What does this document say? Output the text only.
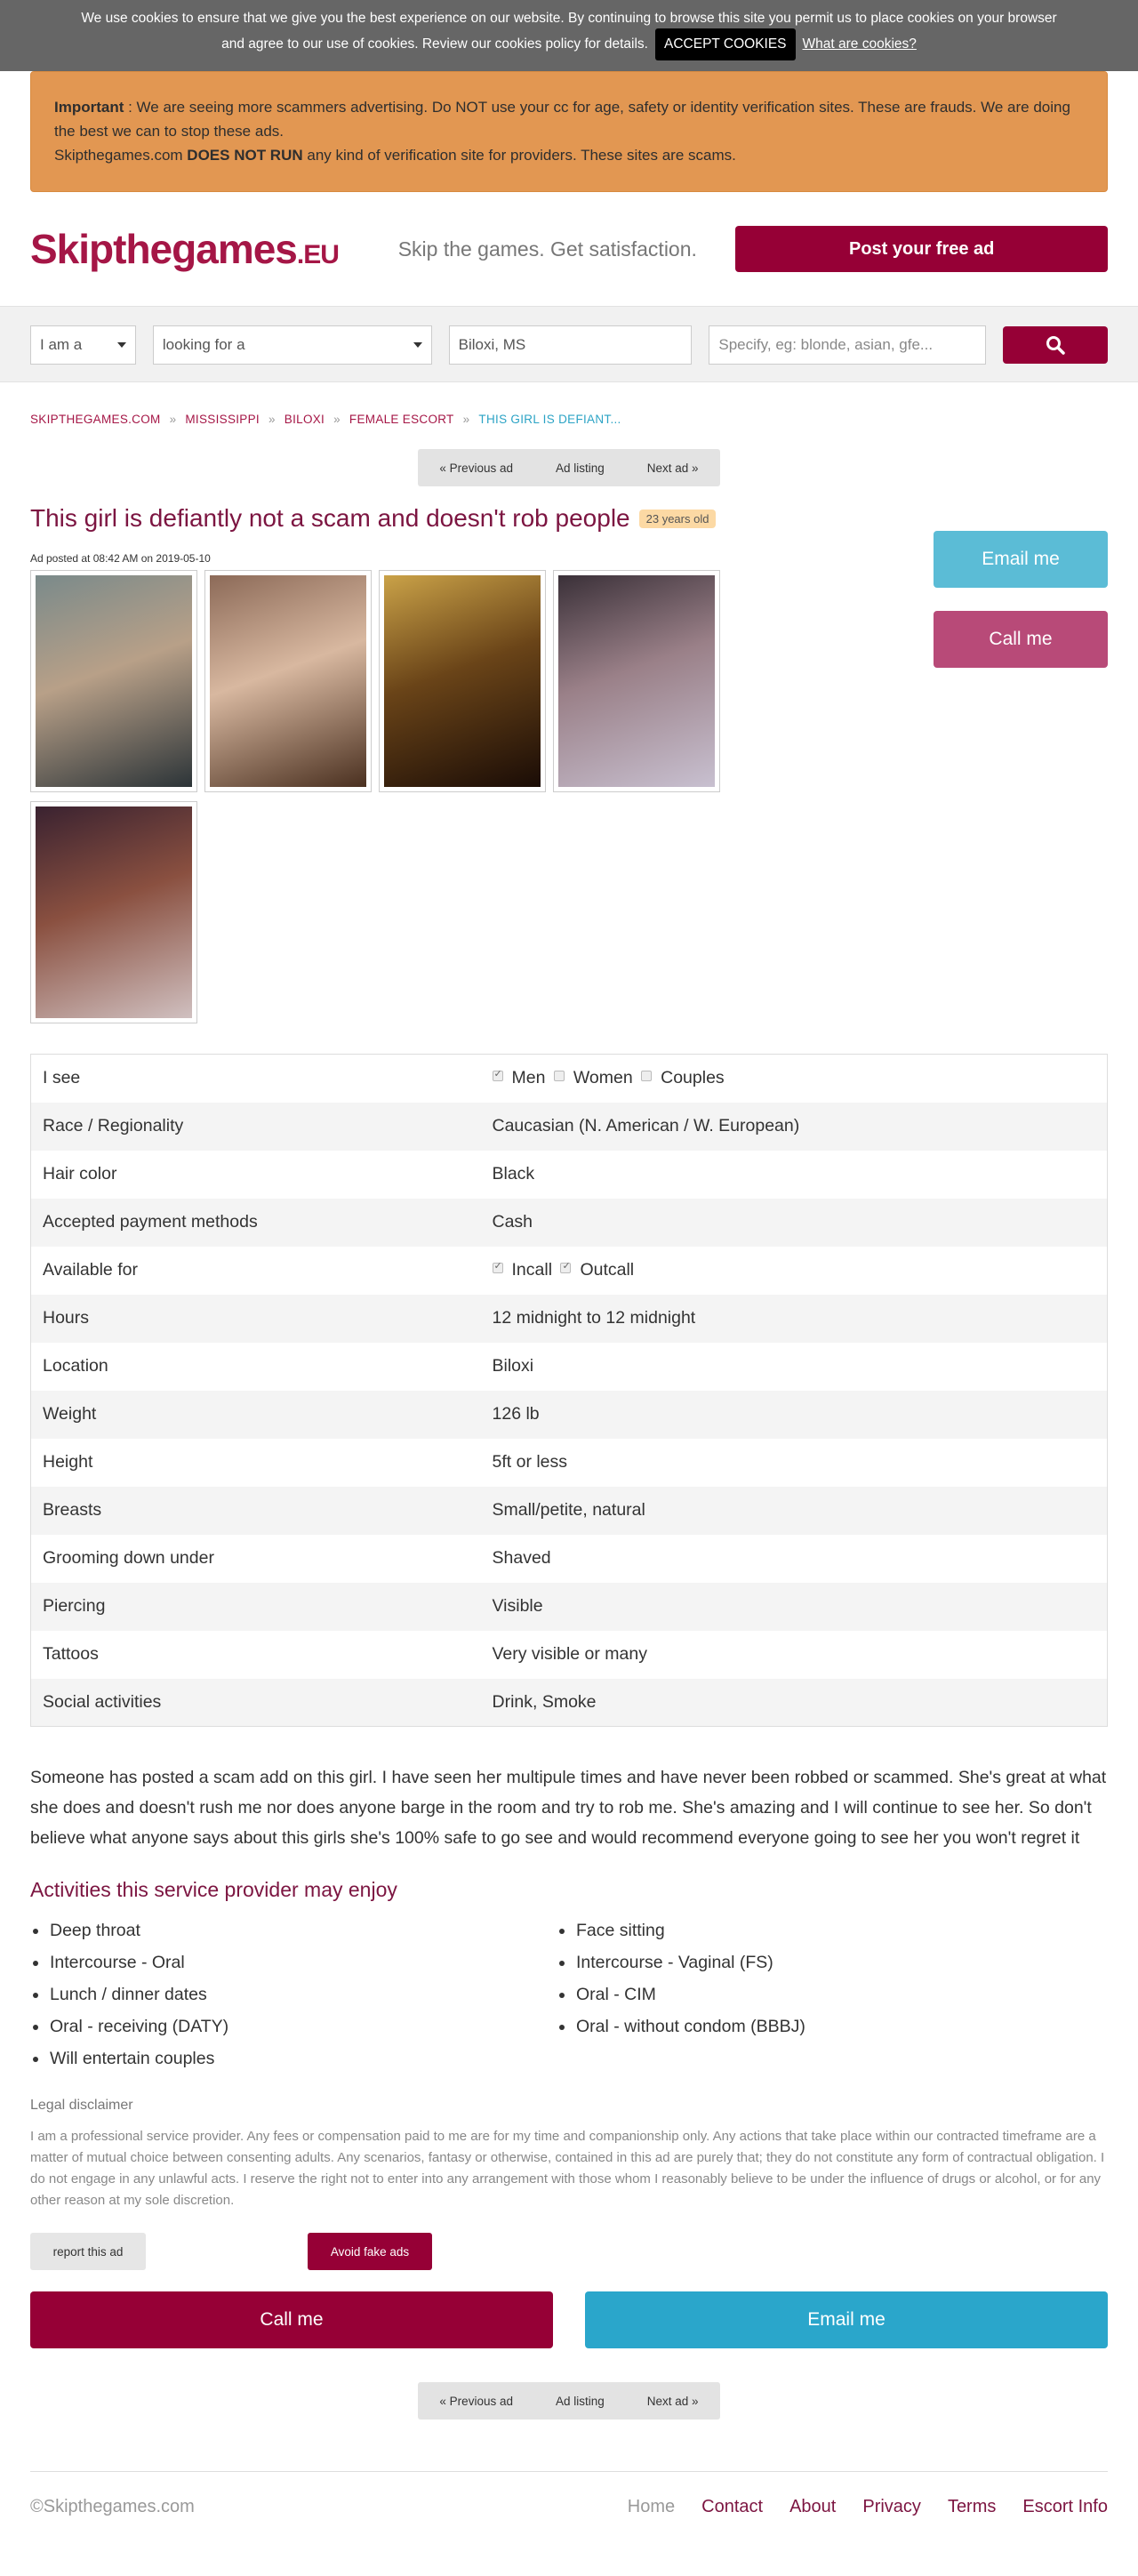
We use cookies to ensure that we give you the best experience on our website. By continuing to browse this site you permit us to place cookies on your browser
and agree to our use of cookies. Review our cookies policy for details.	ACCEPT COOKIES	What are cookies?
Important : We are seeing more scammers advertising. Do NOT use your cc for age, safety or identity verification sites. These are frauds. We are doing the best we can to stop these ads.
Skipthegames.com DOES NOT RUN any kind of verification site for providers. These sites are scams.
Skipthegames.EU	Skip the games. Get satisfaction.	Post your free ad
I am a	looking for a
Biloxi, MS
Specify, eg: blonde, asian, gfe...
SKIPTHEGAMES.COM » MISSISSIPPI » BILOXI » FEMALE ESCORT » THIS GIRL IS DEFIANT...
« Previous ad	Ad listing	Next ad »
This girl is defiantly not a scam and doesn't rob people	23 years old
Ad posted at 08:42 AM on 2019-05-10	Email me
Call me
I see	✓Men Women Couples
Race / Regionality	Caucasian (N. American / W. European)
Hair color	Black
Accepted payment methods	Cash
Available for	✓Incall ✓ Outcall
Hours	12 midnight to 12 midnight
Location	Biloxi
Weight	126 lb
Height	5ft or less
Breasts	Small/petite, natural
Grooming down under	Shaved
Piercing	Visible
Tattoos	Very visible or many
Social activities	Drink, Smoke

Someone has posted a scam add on this girl. I have seen her multipule times and have never been robbed or scammed. She's great at what she does and doesn't rush me nor does anyone barge in the room and try to rob me. She's amazing and I will continue to see her. So don't believe what anyone says about this girls she's 100% safe to go see and would recommend everyone going to see her you won't regret it

Activities this service provider may enjoy
Deep throat
Intercourse - Oral
Lunch / dinner dates
Oral - receiving (DATY)
Will entertain couples
Face sitting
Intercourse - Vaginal (FS)
Oral - CIM
Oral - without condom (BBBJ)
Legal disclaimer

I am a professional service provider. Any fees or compensation paid to me are for my time and companionship only. Any actions that take place within our contracted timeframe are a matter of mutual choice between consenting adults. Any scenarios, fantasy or otherwise, contained in this ad are purely that; they do not constitute any form of contractual obligation. I do not engage in any unlawful acts. I reserve the right not to enter into any arrangement with those whom I reasonably believe to be under the influence of drugs or alcohol, or for any other reason at my sole discretion.

report this ad	Avoid fake ads
Call me	Email me
« Previous ad	Ad listing	Next ad »
©Skipthegames.com	Home Contact About Privacy Terms Escort Info
